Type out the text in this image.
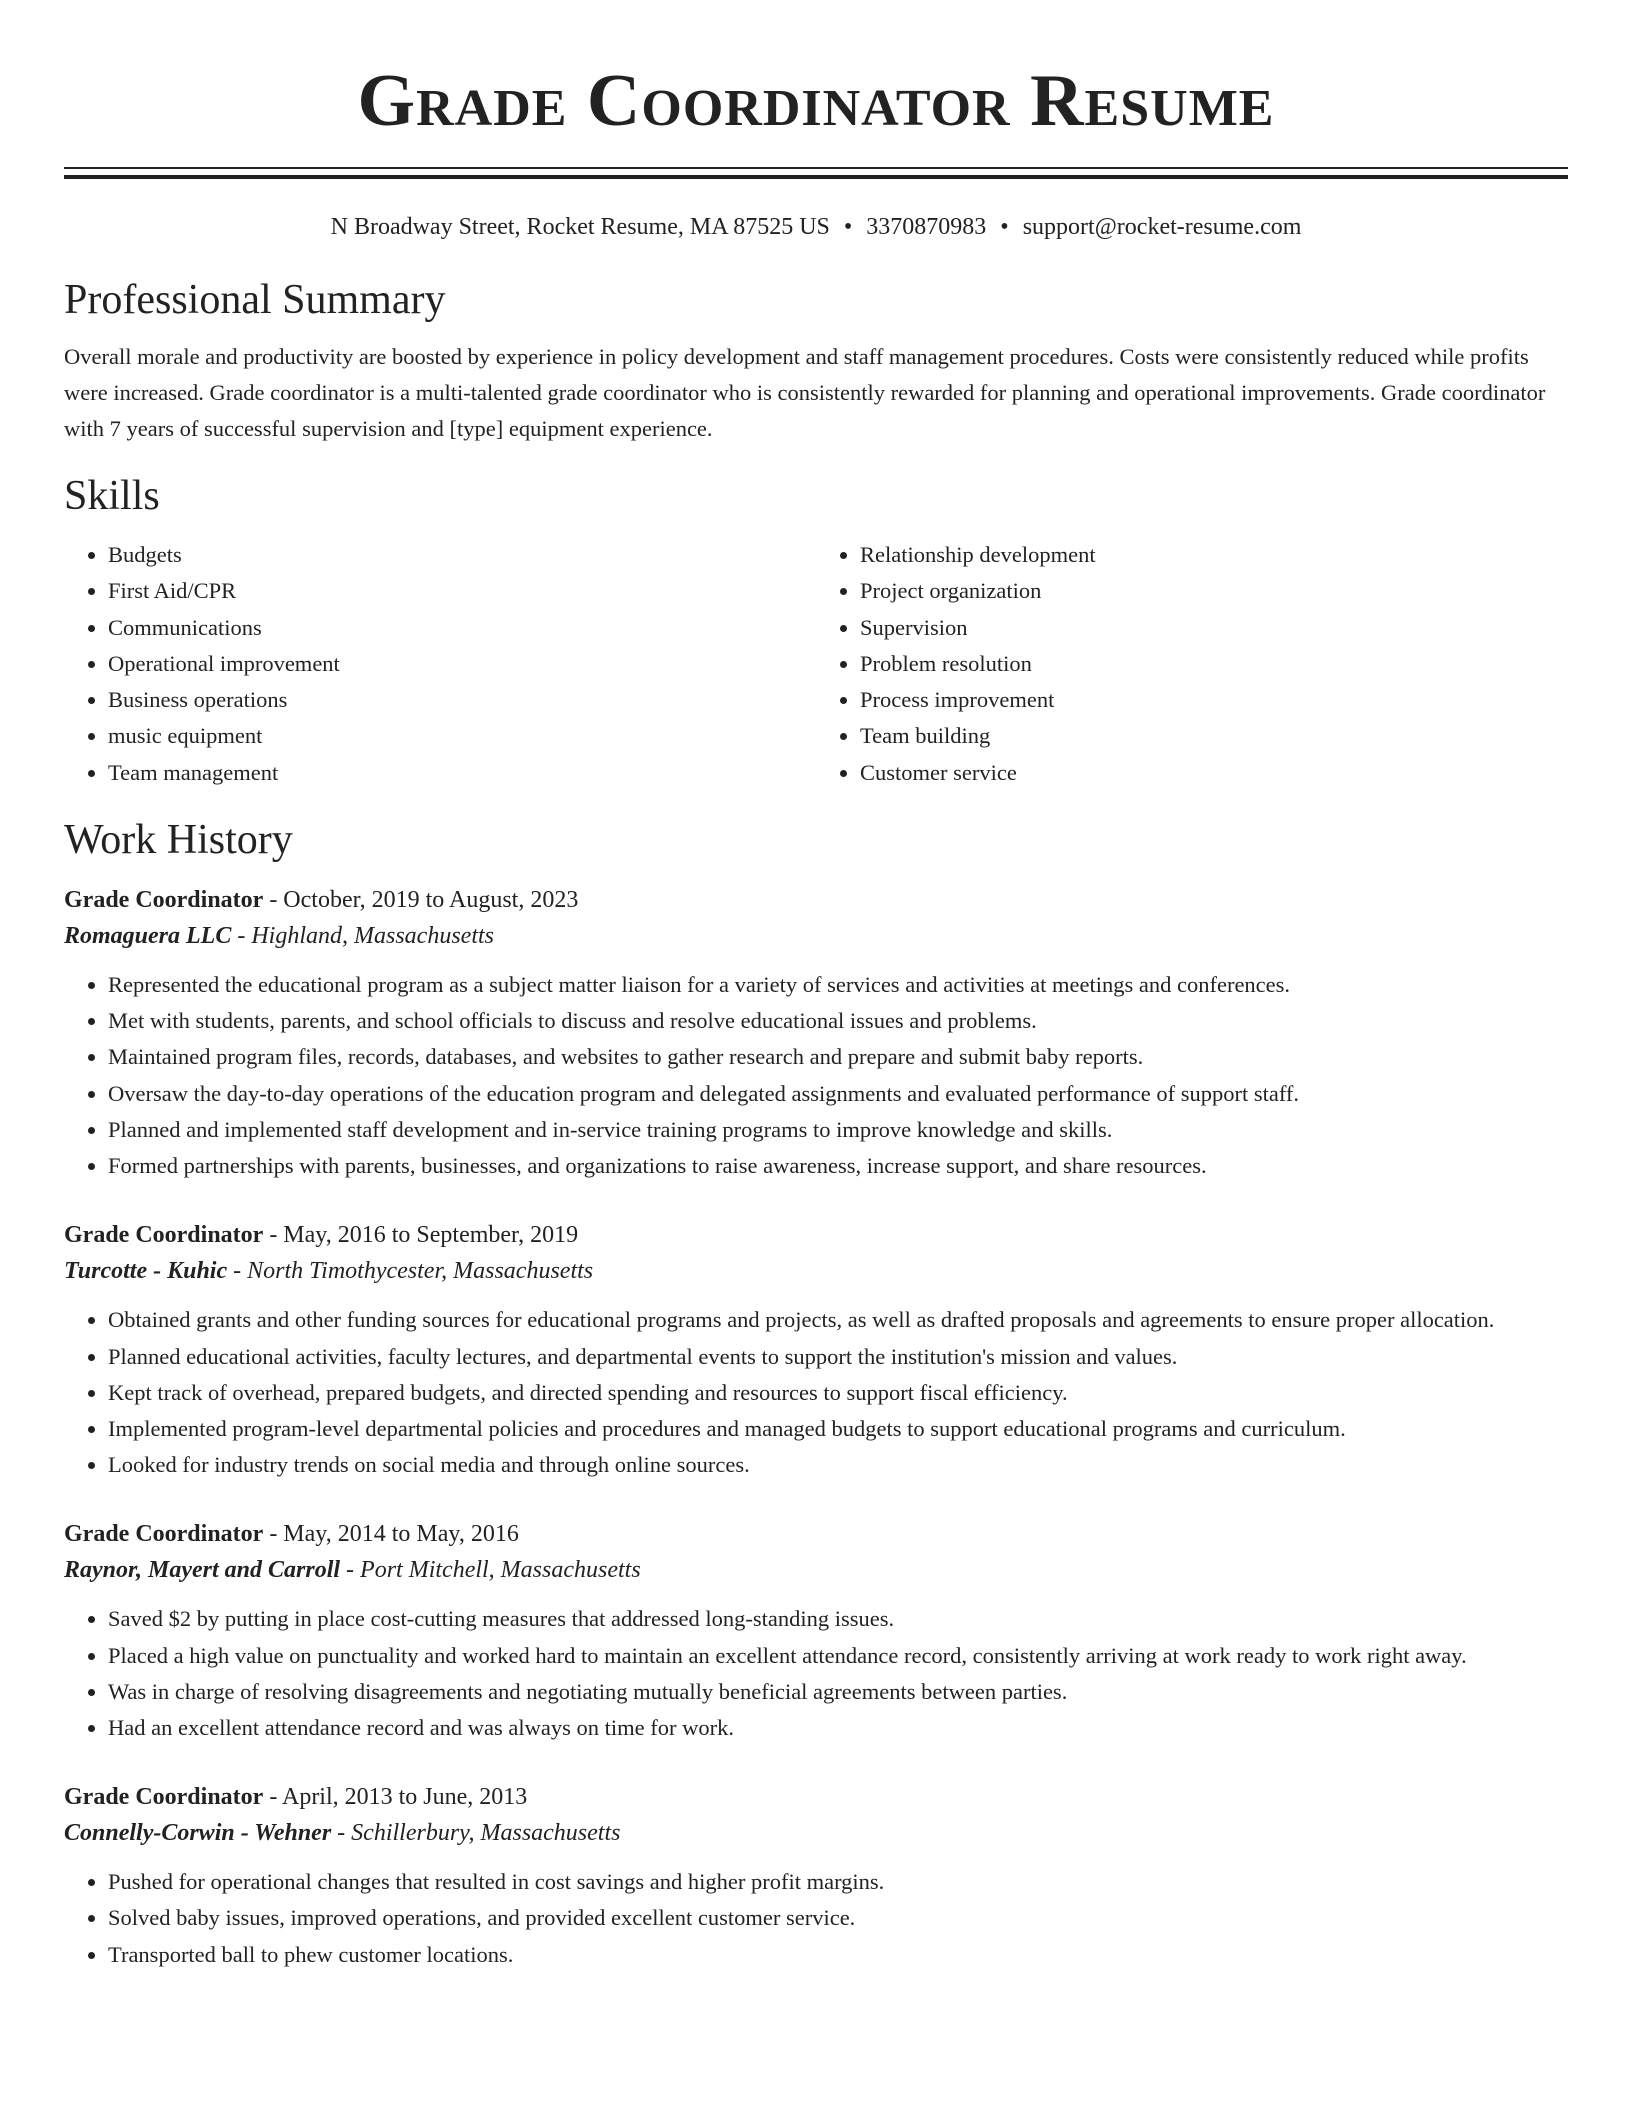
Grade Coordinator Resume
N Broadway Street, Rocket Resume, MA 87525 US • 3370870983 • support@rocket-resume.com
Professional Summary
Overall morale and productivity are boosted by experience in policy development and staff management procedures. Costs were consistently reduced while profits were increased. Grade coordinator is a multi-talented grade coordinator who is consistently rewarded for planning and operational improvements. Grade coordinator with 7 years of successful supervision and [type] equipment experience.
Skills
• Budgets
• First Aid/CPR
• Communications
• Operational improvement
• Business operations
• music equipment
• Team management
• Relationship development
• Project organization
• Supervision
• Problem resolution
• Process improvement
• Team building
• Customer service
Work History
Grade Coordinator - October, 2019 to August, 2023
Romaguera LLC - Highland, Massachusetts
• Represented the educational program as a subject matter liaison for a variety of services and activities at meetings and conferences.
• Met with students, parents, and school officials to discuss and resolve educational issues and problems.
• Maintained program files, records, databases, and websites to gather research and prepare and submit baby reports.
• Oversaw the day-to-day operations of the education program and delegated assignments and evaluated performance of support staff.
• Planned and implemented staff development and in-service training programs to improve knowledge and skills.
• Formed partnerships with parents, businesses, and organizations to raise awareness, increase support, and share resources.
Grade Coordinator - May, 2016 to September, 2019
Turcotte - Kuhic - North Timothycester, Massachusetts
• Obtained grants and other funding sources for educational programs and projects, as well as drafted proposals and agreements to ensure proper allocation.
• Planned educational activities, faculty lectures, and departmental events to support the institution's mission and values.
• Kept track of overhead, prepared budgets, and directed spending and resources to support fiscal efficiency.
• Implemented program-level departmental policies and procedures and managed budgets to support educational programs and curriculum.
• Looked for industry trends on social media and through online sources.
Grade Coordinator - May, 2014 to May, 2016
Raynor, Mayert and Carroll - Port Mitchell, Massachusetts
• Saved $2 by putting in place cost-cutting measures that addressed long-standing issues.
• Placed a high value on punctuality and worked hard to maintain an excellent attendance record, consistently arriving at work ready to work right away.
• Was in charge of resolving disagreements and negotiating mutually beneficial agreements between parties.
• Had an excellent attendance record and was always on time for work.
Grade Coordinator - April, 2013 to June, 2013
Connelly-Corwin - Wehner - Schillerbury, Massachusetts
• Pushed for operational changes that resulted in cost savings and higher profit margins.
• Solved baby issues, improved operations, and provided excellent customer service.
• Transported ball to phew customer locations.
